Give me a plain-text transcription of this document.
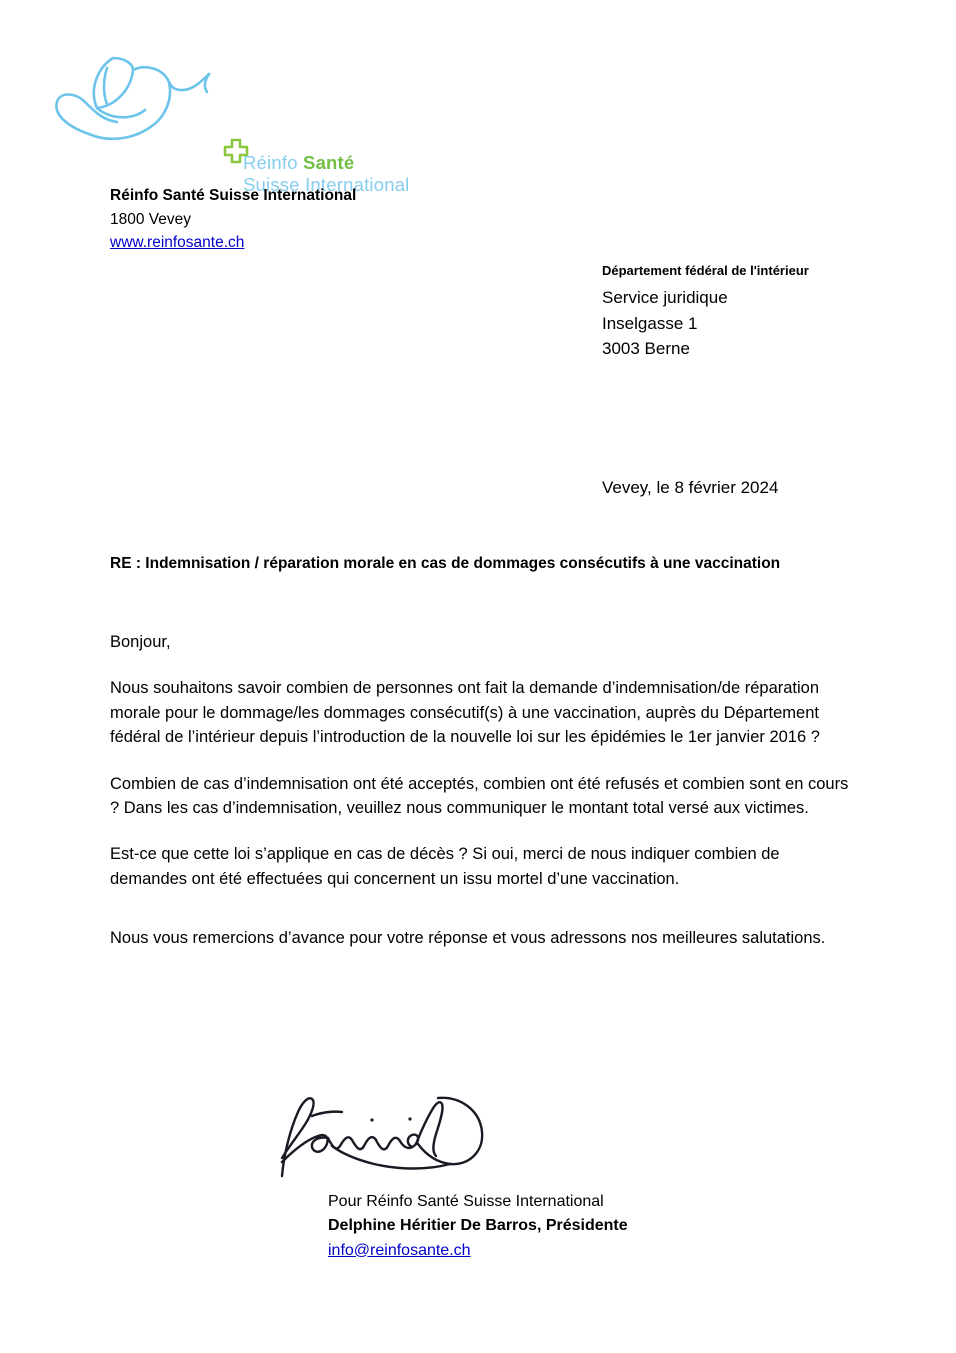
Réinfo Santé
Suisse International
Réinfo Santé Suisse International
1800 Vevey
www.reinfosante.ch
Département fédéral de l'intérieur
Service juridique
Inselgasse 1
3003 Berne
Vevey, le 8 février 2024
RE : Indemnisation / réparation morale en cas de dommages consécutifs à une vaccination

Bonjour,

Nous souhaitons savoir combien de personnes ont fait la demande d’indemnisation/de réparation morale pour le dommage/les dommages consécutif(s) à une vaccination, auprès du Département fédéral de l’intérieur depuis l’introduction de la nouvelle loi sur les épidémies le 1er janvier 2016 ?

Combien de cas d’indemnisation ont été acceptés, combien ont été refusés et combien sont en cours ? Dans les cas d’indemnisation, veuillez nous communiquer le montant total versé aux victimes.

Est-ce que cette loi s’applique en cas de décès ? Si oui, merci de nous indiquer combien de demandes ont été effectuées qui concernent un issu mortel d’une vaccination.

Nous vous remercions d’avance pour votre réponse et vous adressons nos meilleures salutations.

Pour Réinfo Santé Suisse International
Delphine Héritier De Barros, Présidente
info@reinfosante.ch
